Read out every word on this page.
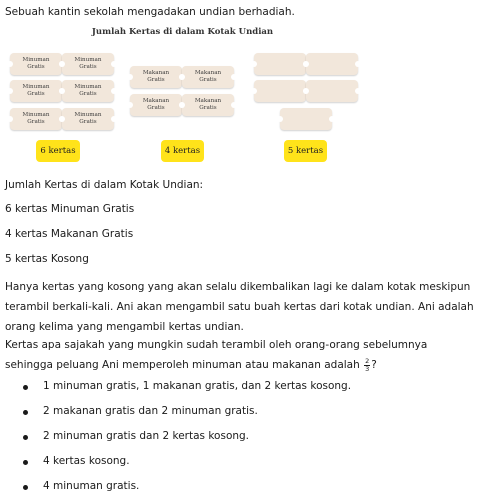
Sebuah kantin sekolah mengadakan undian berhadiah.
Jumlah Kertas di dalam Kotak Undian
Minuman
Gratis
Minuman
Gratis
Minuman
Gratis
Minuman
Gratis
Minuman
Gratis
Minuman
Gratis
Makanan
Gratis
Makanan
Gratis
Makanan
Gratis
Makanan
Gratis
6 kertas	4 kertas	5 kertas
Jumlah Kertas di dalam Kotak Undian:
6 kertas Minuman Gratis
4 kertas Makanan Gratis
5 kertas Kosong
Hanya kertas yang kosong yang akan selalu dikembalikan lagi ke dalam kotak meskipun terambil berkali-kali. Ani akan mengambil satu buah kertas dari kotak undian. Ani adalah orang kelima yang mengambil kertas undian.
Kertas apa sajakah yang mungkin sudah terambil oleh orang-orang sebelumnya sehingga peluang Ani memperoleh minuman atau makanan adalah $\frac{2}{3}$ ?
1 minuman gratis, 1 makanan gratis, dan 2 kertas kosong.
2 makanan gratis dan 2 minuman gratis.
2 minuman gratis dan 2 kertas kosong.
4 kertas kosong.
4 minuman gratis.
